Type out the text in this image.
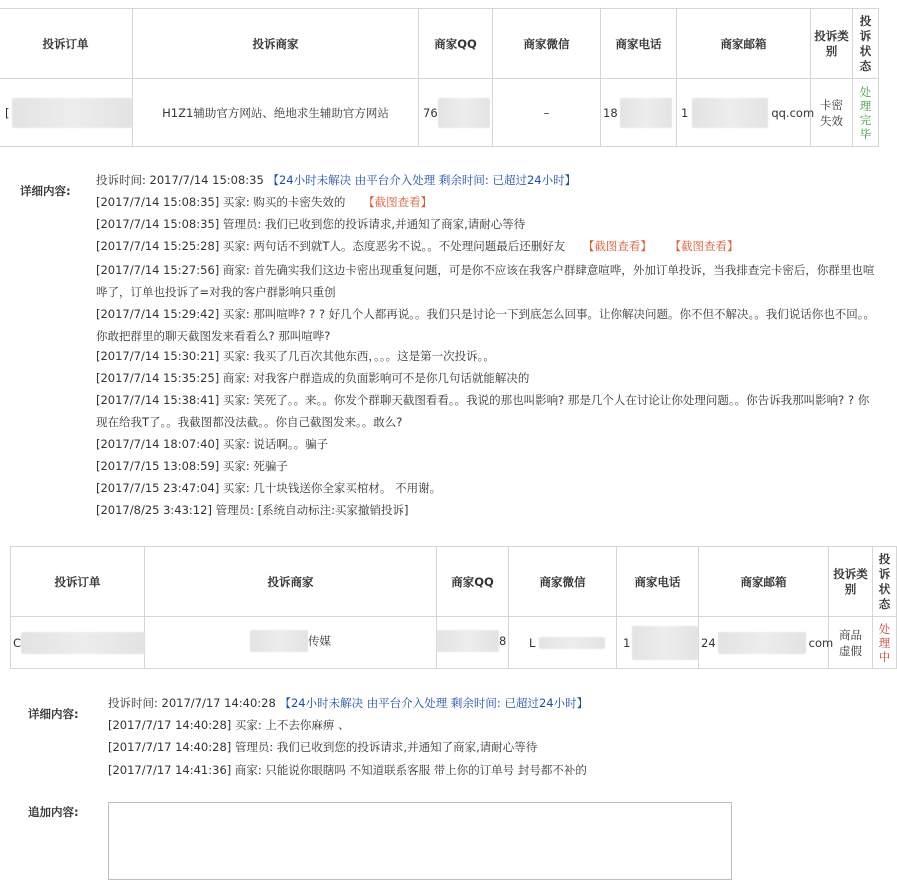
投诉订单	投诉商家	商家QQ	商家微信	商家电话	商家邮箱	投诉类别	投诉状态

[	H1Z1辅助官方网站、绝地求生辅助官方网站	76	–	18	1 qq.com	卡密失效	处理完毕
详细内容:
投诉时间: 2017/7/14 15:08:35 【24小时未解决 由平台介入处理 剩余时间: 已超过24小时】
[2017/7/14 15:08:35] 买家: 购买的卡密失效的 【截图查看】
[2017/7/14 15:08:35] 管理员: 我们已收到您的投诉请求,并通知了商家,请耐心等待
[2017/7/14 15:25:28] 买家: 两句话不到就T人。态度恶劣不说。。不处理问题最后还删好友 【截图查看】 【截图查看】
[2017/7/14 15:27:56] 商家: 首先确实我们这边卡密出现重复问题，可是你不应该在我客户群肆意喧哗，外加订单投诉，当我排查完卡密后，你群里也喧哗了，订单也投诉了=对我的客户群影响只重创
[2017/7/14 15:29:42] 买家: 那叫喧哗? ? ? 好几个人都再说。。我们只是讨论一下到底怎么回事。让你解决问题。你不但不解决。。我们说话你也不回。。你敢把群里的聊天截图发来看看么? 那叫喧哗?
[2017/7/14 15:30:21] 买家: 我买了几百次其他东西，。。。这是第一次投诉。。
[2017/7/14 15:35:25] 商家: 对我客户群造成的负面影响可不是你几句话就能解决的
[2017/7/14 15:38:41] 买家: 笑死了。。来。。你发个群聊天截图看看。。我说的那也叫影响? 那是几个人在讨论让你处理问题。。你告诉我那叫影响? ? 你现在给我T了。。我截图都没法截。。你自己截图发来。。敢么?
[2017/7/14 18:07:40] 买家: 说话啊。。骗子
[2017/7/15 13:08:59] 买家: 死骗子
[2017/7/15 23:47:04] 买家: 几十块钱送你全家买棺材。 不用谢。
[2017/8/25 3:43:12] 管理员: [系统自动标注:买家撤销投诉]
投诉订单	投诉商家	商家QQ	商家微信	商家电话	商家邮箱	投诉类别	投诉状态

C	传媒	8	L	1	24 com	商品虚假	处理中
详细内容:
投诉时间: 2017/7/17 14:40:28 【24小时未解决 由平台介入处理 剩余时间: 已超过24小时】
[2017/7/17 14:40:28] 买家: 上不去你麻痹 、
[2017/7/17 14:40:28] 管理员: 我们已收到您的投诉请求,并通知了商家,请耐心等待
[2017/7/17 14:41:36] 商家: 只能说你眼瞎吗 不知道联系客服 带上你的订单号 封号都不补的
追加内容:
